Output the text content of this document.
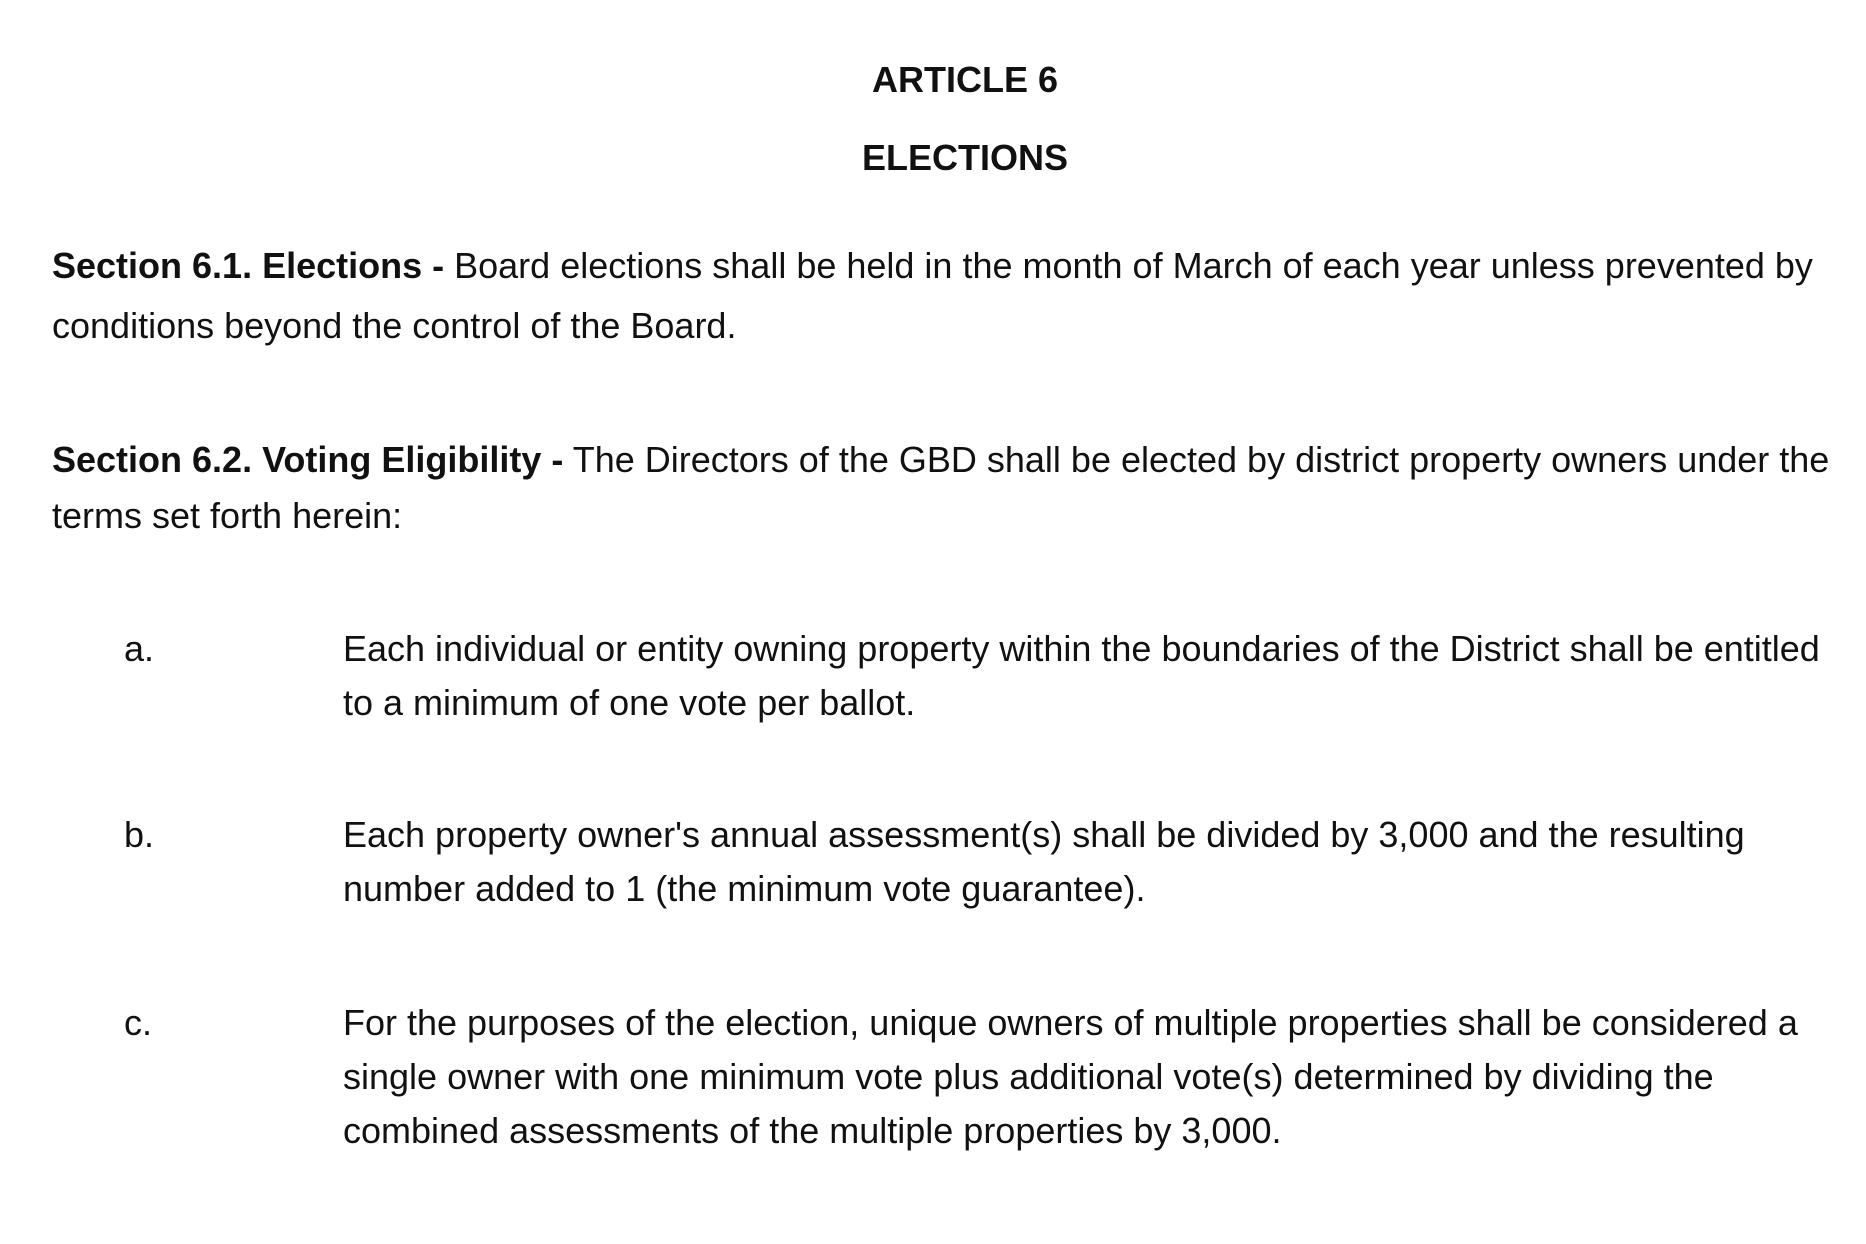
ARTICLE 6
ELECTIONS
Section 6.1. Elections - Board elections shall be held in the month of March of each year unless prevented by conditions beyond the control of the Board.
Section 6.2. Voting Eligibility - The Directors of the GBD shall be elected by district property owners under the terms set forth herein:
a.	Each individual or entity owning property within the boundaries of the District shall be entitled to a minimum of one vote per ballot.
b.	Each property owner's annual assessment(s) shall be divided by 3,000 and the resulting number added to 1 (the minimum vote guarantee).
c.	For the purposes of the election, unique owners of multiple properties shall be considered a single owner with one minimum vote plus additional vote(s) determined by dividing the combined assessments of the multiple properties by 3,000.
